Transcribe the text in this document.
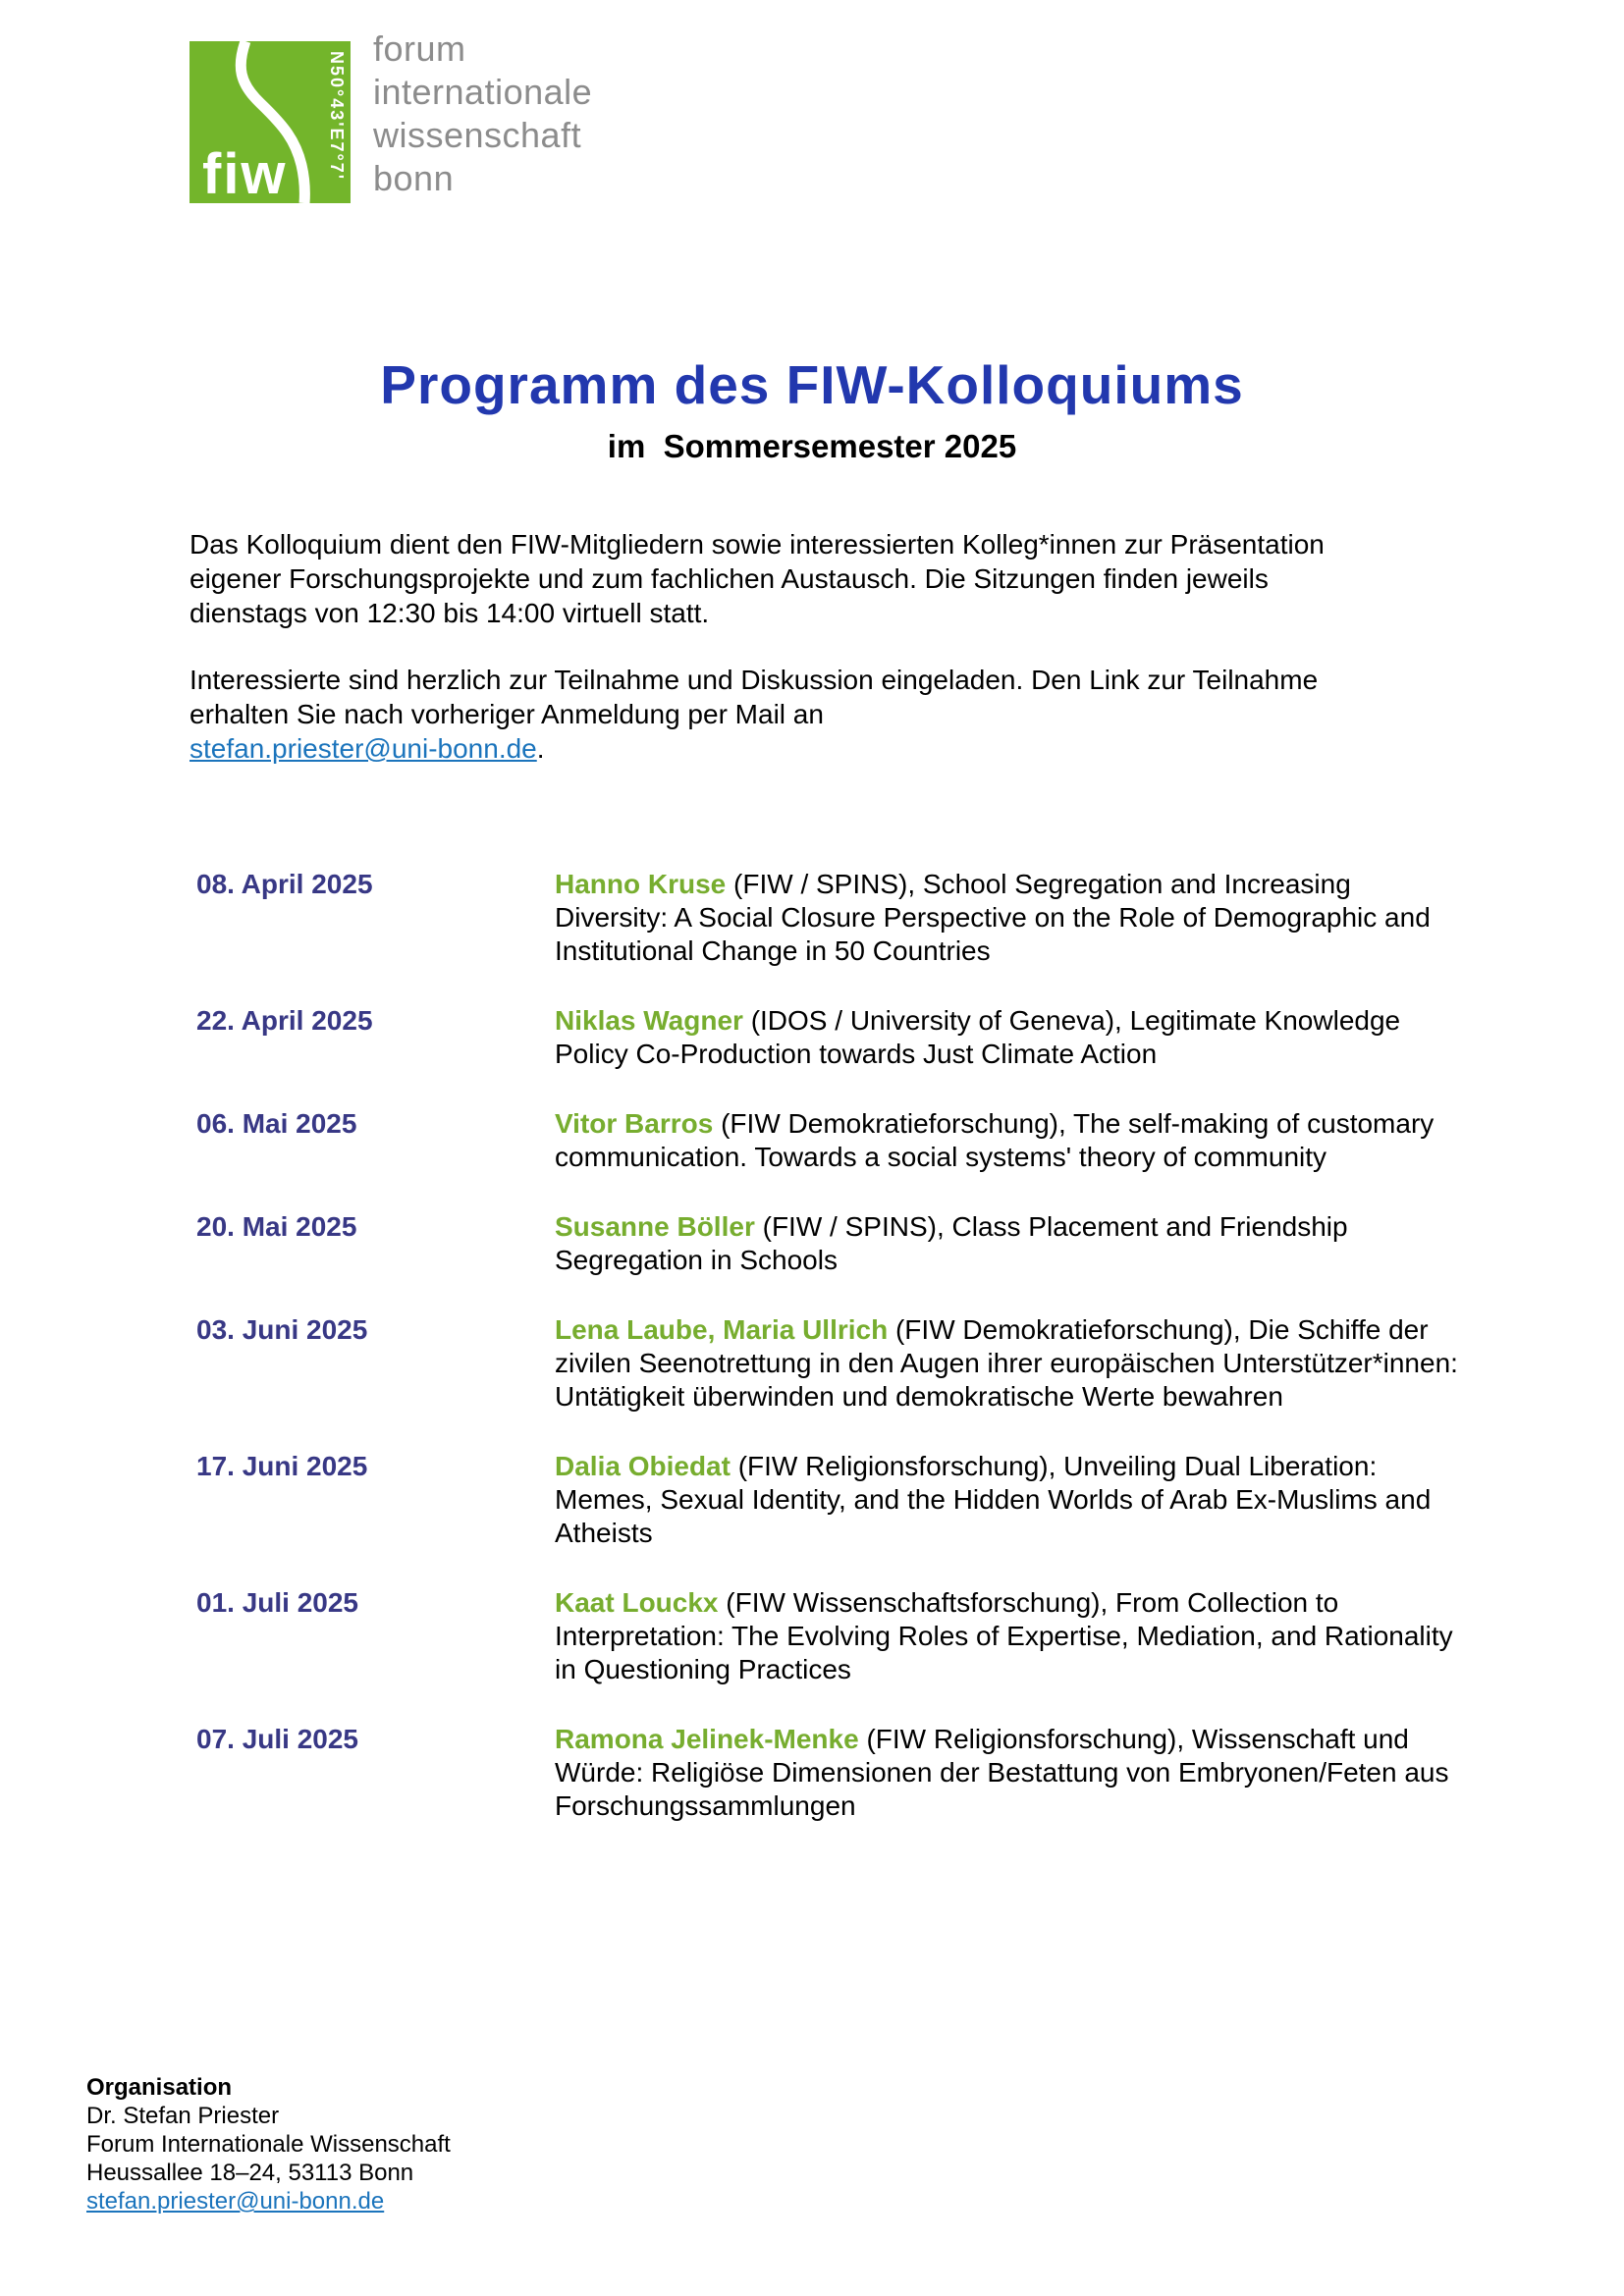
fiw N50°43'E7°7'
forum
internationale
wissenschaft
bonn
Programm des FIW-Kolloquiums
im  Sommersemester 2025

Das Kolloquium dient den FIW-Mitgliedern sowie interessierten Kolleg*innen zur Präsentation
eigener Forschungsprojekte und zum fachlichen Austausch. Die Sitzungen finden jeweils
dienstags von 12:30 bis 14:00 virtuell statt.

Interessierte sind herzlich zur Teilnahme und Diskussion eingeladen. Den Link zur Teilnahme
erhalten Sie nach vorheriger Anmeldung per Mail an
stefan.priester@uni-bonn.de.

08. April 2025	Hanno Kruse (FIW / SPINS), School Segregation and Increasing Diversity: A Social Closure Perspective on the Role of Demographic and Institutional Change in 50 Countries
22. April 2025	Niklas Wagner (IDOS / University of Geneva), Legitimate Knowledge Policy Co-Production towards Just Climate Action
06. Mai 2025	Vitor Barros (FIW Demokratieforschung), The self-making of customary communication. Towards a social systems' theory of community
20. Mai 2025	Susanne Böller (FIW / SPINS), Class Placement and Friendship Segregation in Schools
03. Juni 2025	Lena Laube, Maria Ullrich (FIW Demokratieforschung), Die Schiffe der zivilen Seenotrettung in den Augen ihrer europäischen Unterstützer*innen: Untätigkeit überwinden und demokratische Werte bewahren
17. Juni 2025	Dalia Obiedat (FIW Religionsforschung), Unveiling Dual Liberation: Memes, Sexual Identity, and the Hidden Worlds of Arab Ex-Muslims and Atheists
01. Juli 2025	Kaat Louckx (FIW Wissenschaftsforschung), From Collection to Interpretation: The Evolving Roles of Expertise, Mediation, and Rationality in Questioning Practices
07. Juli 2025	Ramona Jelinek-Menke (FIW Religionsforschung), Wissenschaft und Würde: Religiöse Dimensionen der Bestattung von Embryonen/Feten aus Forschungssammlungen
Organisation
Dr. Stefan Priester
Forum Internationale Wissenschaft
Heussallee 18–24, 53113 Bonn
stefan.priester@uni-bonn.de
